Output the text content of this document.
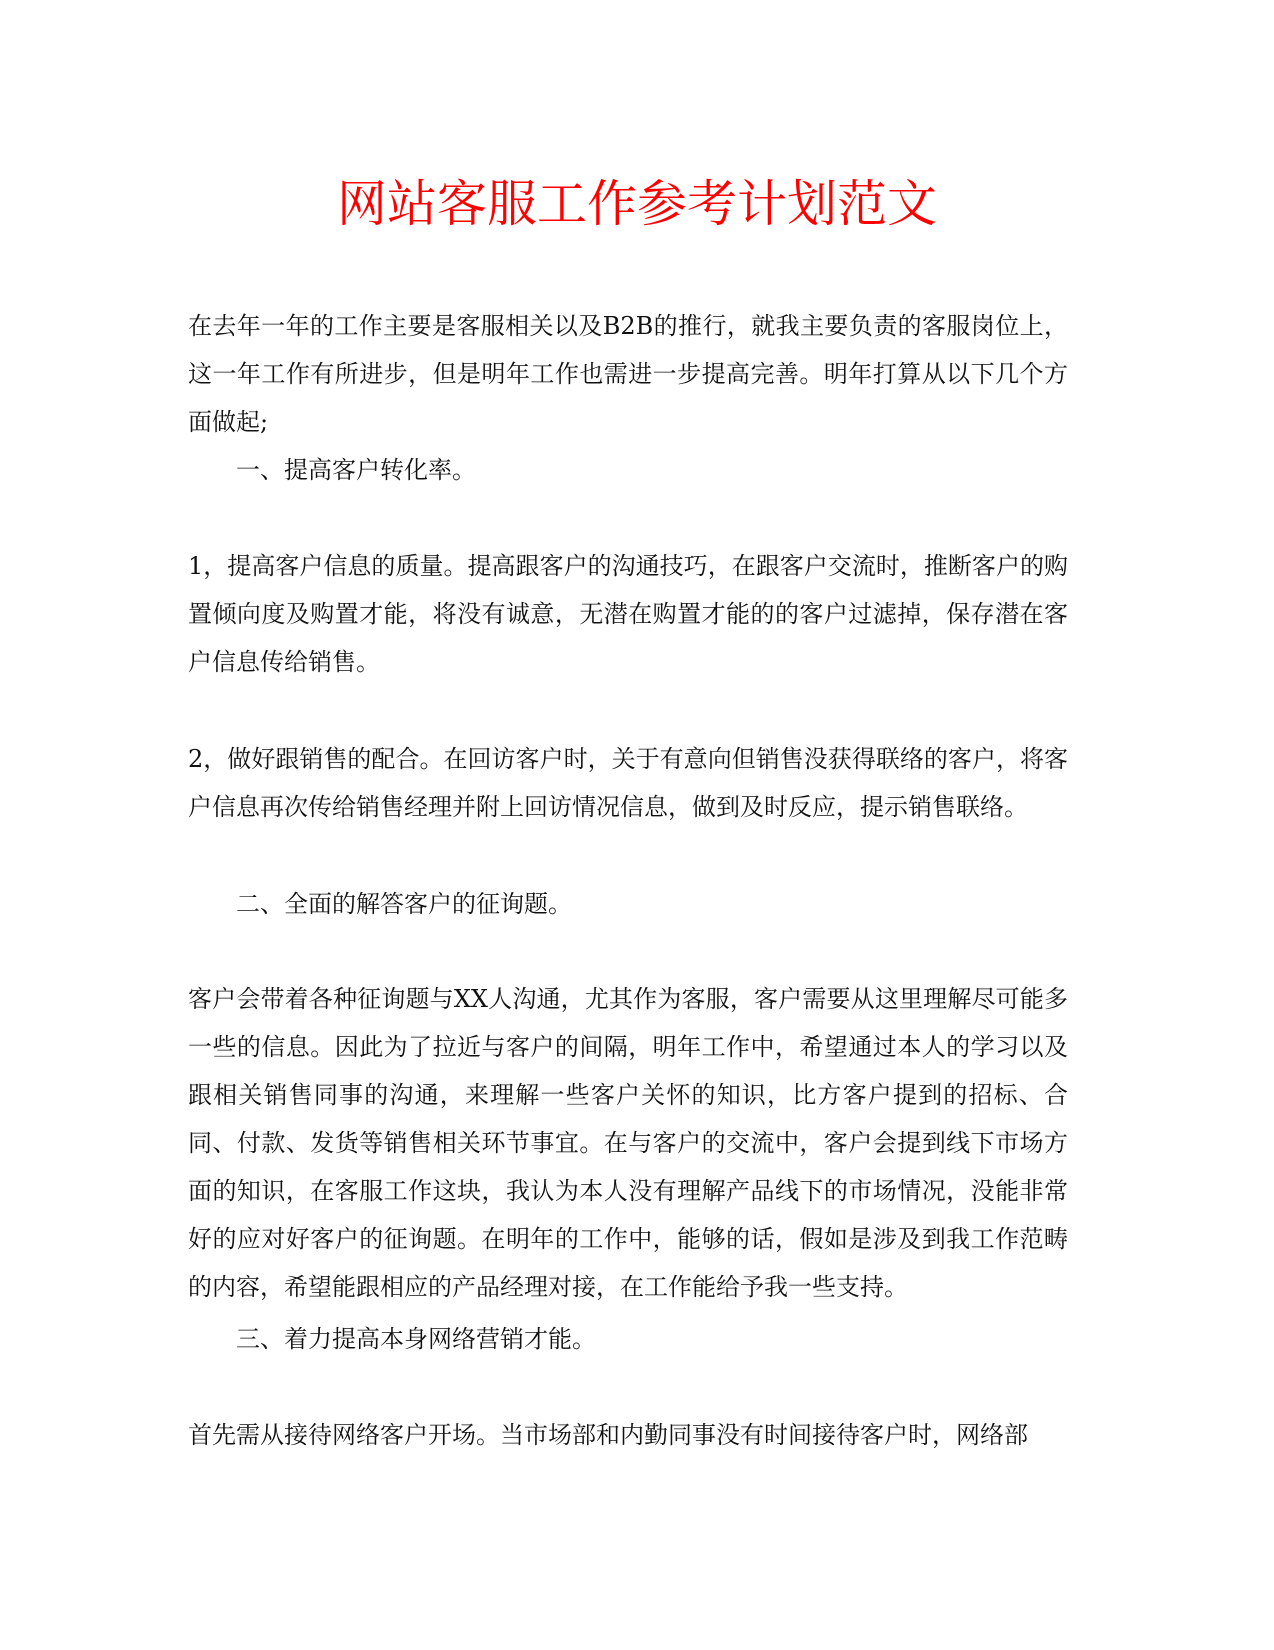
网站客服工作参考计划范文

在去年一年的工作主要是客服相关以及B2B的推行，就我主要负责的客服岗位上，这一年工作有所进步，但是明年工作也需进一步提高完善。明年打算从以下几个方面做起;

一、提高客户转化率。

1，提高客户信息的质量。提高跟客户的沟通技巧，在跟客户交流时，推断客户的购置倾向度及购置才能，将没有诚意，无潜在购置才能的的客户过滤掉，保存潜在客户信息传给销售。

2，做好跟销售的配合。在回访客户时，关于有意向但销售没获得联络的客户，将客户信息再次传给销售经理并附上回访情况信息，做到及时反应，提示销售联络。

二、全面的解答客户的征询题。

客户会带着各种征询题与XX人沟通，尤其作为客服，客户需要从这里理解尽可能多一些的信息。因此为了拉近与客户的间隔，明年工作中，希望通过本人的学习以及跟相关销售同事的沟通，来理解一些客户关怀的知识，比方客户提到的招标、合同、付款、发货等销售相关环节事宜。在与客户的交流中，客户会提到线下市场方面的知识，在客服工作这块，我认为本人没有理解产品线下的市场情况，没能非常好的应对好客户的征询题。在明年的工作中，能够的话，假如是涉及到我工作范畴的内容，希望能跟相应的产品经理对接，在工作能给予我一些支持。

三、着力提高本身网络营销才能。

首先需从接待网络客户开场。当市场部和内勤同事没有时间接待客户时，网络部
